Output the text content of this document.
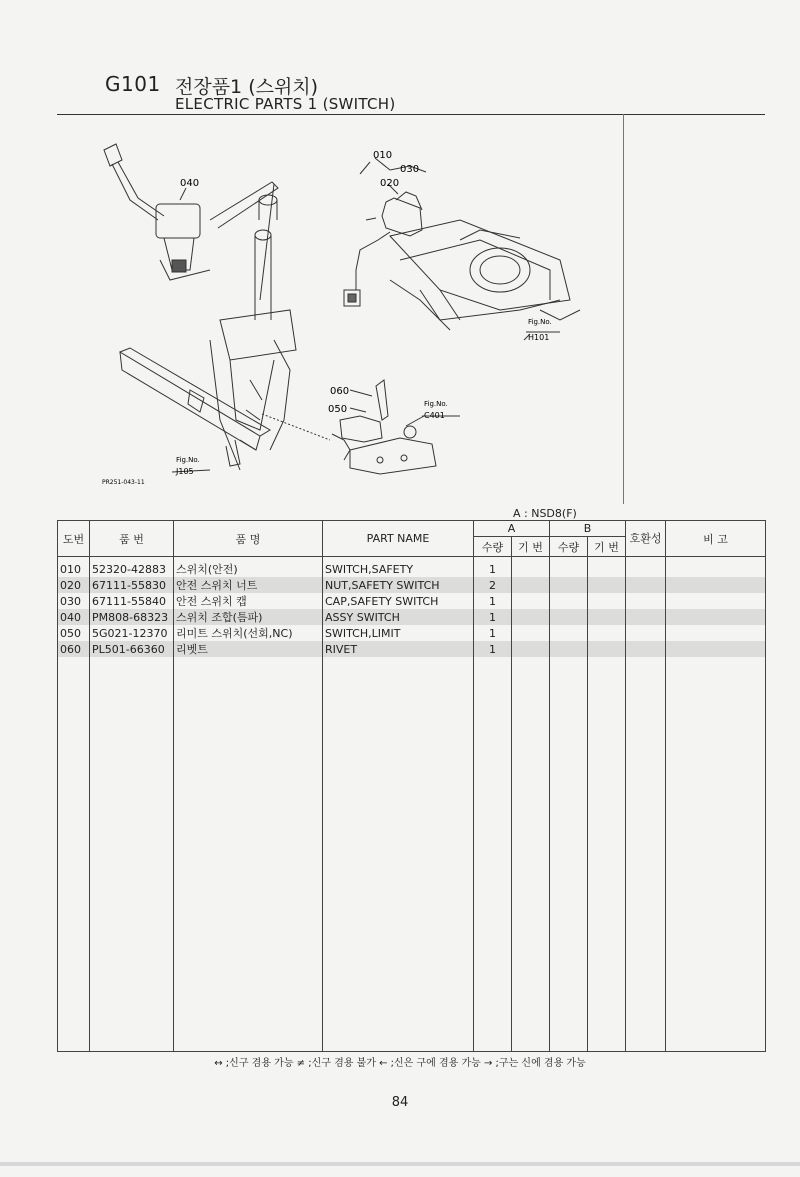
G101 전장품1 (스위치)
ELECTRIC PARTS 1 (SWITCH)
010
030
020
040
060
050
Fig.No.
H101
Fig.No.
C401
Fig.No.
J105
PR251-043-11
A : NSD8(F)
도번	품 번	품 명	PART NAME	A		B		호환성	비 고
				수량	기 번	수량	기 번		
010	52320-42883	스위치(안전)	SWITCH,SAFETY	1					
020	67111-55830	안전 스위치 너트	NUT,SAFETY SWITCH	2					
030	67111-55840	안전 스위치 캡	CAP,SAFETY SWITCH	1					
040	PM808-68323	스위치 조합(틈파)	ASSY SWITCH	1					
050	5G021-12370	리미트 스위치(선회,NC)	SWITCH,LIMIT	1					
060	PL501-66360	리벳트	RIVET	1					

↔ ;신구 겸용 가능 ≠ ;신구 겸용 불가 ← ;신은 구에 겸용 가능 → ;구는 신에 겸용 가능
84
